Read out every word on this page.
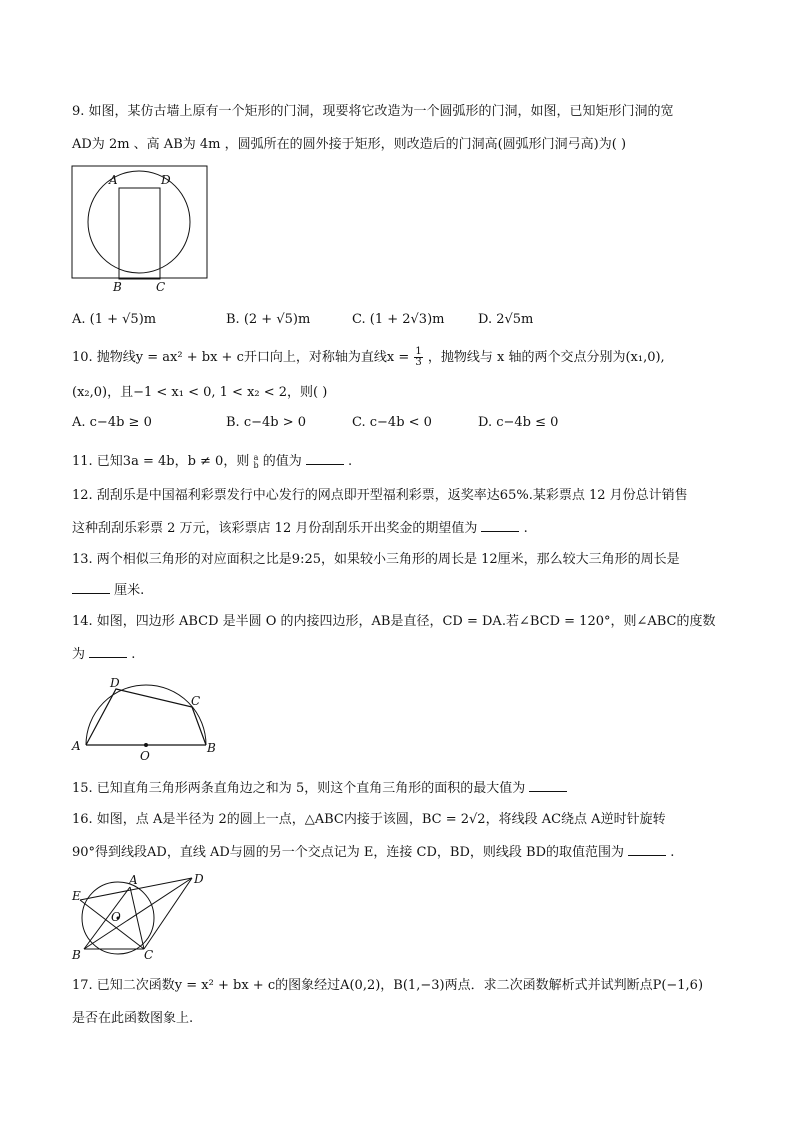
9. 如图，某仿古墙上原有一个矩形的门洞，现要将它改造为一个圆弧形的门洞，如图，已知矩形门洞的宽
AD为 2m 、高 AB为 4m ，圆弧所在的圆外接于矩形，则改造后的门洞高(圆弧形门洞弓高)为( )
A	D
B	C
A. (1 + √5)m	B. (2 + √5)m	C. (1 + 2√3)m	D. 2√5m
10. 抛物线y = ax² + bx + c开口向上，对称轴为直线$x = \frac{1}{3}$ ，抛物线与 x 轴的两个交点分别为(x₁,0),
(x₂,0)，且−1 < x₁ < 0, 1 < x₂ < 2，则( )
A. c−4b ≥ 0	B. c−4b > 0	C. c−4b < 0	D. c−4b ≤ 0
11. 已知3a = 4b，b ≠ 0，则 a
b 的值为	.
12. 刮刮乐是中国福利彩票发行中心发行的网点即开型福利彩票，返奖率达65%.某彩票点 12 月份总计销售
这种刮刮乐彩票 2 万元，该彩票店 12 月份刮刮乐开出奖金的期望值为	.
13. 两个相似三角形的对应面积之比是9:25，如果较小三角形的周长是 12厘米，那么较大三角形的周长是
厘米.
14. 如图，四边形 ABCD 是半圆 O 的内接四边形，AB是直径，CD = DA.若∠BCD = 120°，则∠ABC的度数
为	.
D
C
A	B
O
15. 已知直角三角形两条直角边之和为 5，则这个直角三角形的面积的最大值为
16. 如图，点 A是半径为 2的圆上一点，△ABC内接于该圆，BC = 2√2，将线段 AC绕点 A逆时针旋转
90°得到线段AD，直线 AD与圆的另一个交点记为 E，连接 CD，BD，则线段 BD的取值范围为	.
E
A	D
O
B	C
17. 已知二次函数y = x² + bx + c的图象经过A(0,2)，B(1,−3)两点．求二次函数解析式并试判断点P(−1,6)
是否在此函数图象上.
